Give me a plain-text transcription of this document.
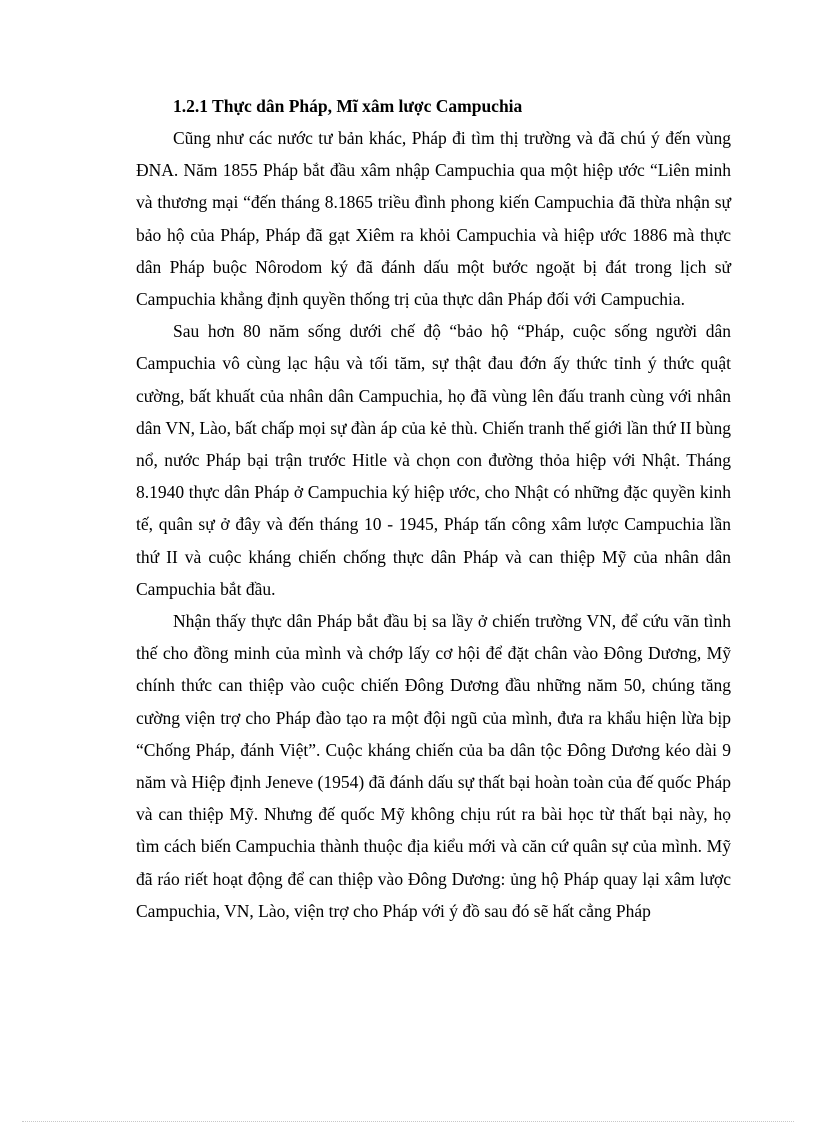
1.2.1 Thực dân Pháp, Mĩ xâm lược Campuchia

Cũng như các nước tư bản khác, Pháp đi tìm thị trường và đã chú ý đến vùng ĐNA. Năm 1855 Pháp bắt đầu xâm nhập Campuchia qua một hiệp ước “Liên minh và thương mại “đến tháng 8.1865 triều đình phong kiến Campuchia đã thừa nhận sự bảo hộ của Pháp, Pháp đã gạt Xiêm ra khỏi Campuchia và hiệp ước 1886 mà thực dân Pháp buộc Nôrodom ký đã đánh dấu một bước ngoặt bị đát trong lịch sử Campuchia khẳng định quyền thống trị của thực dân Pháp đối với Campuchia.

Sau hơn 80 năm sống dưới chế độ “bảo hộ “Pháp, cuộc sống người dân Campuchia vô cùng lạc hậu và tối tăm, sự thật đau đớn ấy thức tỉnh ý thức quật cường, bất khuất của nhân dân Campuchia, họ đã vùng lên đấu tranh cùng với nhân dân VN, Lào, bất chấp mọi sự đàn áp của kẻ thù. Chiến tranh thế giới lần thứ II bùng nổ, nước Pháp bại trận trước Hitle và chọn con đường thỏa hiệp với Nhật. Tháng 8.1940 thực dân Pháp ở Campuchia ký hiệp ước, cho Nhật có những đặc quyền kinh tế, quân sự ở đây và đến tháng 10 - 1945, Pháp tấn công xâm lược Campuchia lần thứ II và cuộc kháng chiến chống thực dân Pháp và can thiệp Mỹ của nhân dân Campuchia bắt đầu.

Nhận thấy thực dân Pháp bắt đầu bị sa lầy ở chiến trường VN, để cứu vãn tình thế cho đồng minh của mình và chớp lấy cơ hội để đặt chân vào Đông Dương, Mỹ chính thức can thiệp vào cuộc chiến Đông Dương đầu những năm 50, chúng tăng cường viện trợ cho Pháp đào tạo ra một đội ngũ của mình, đưa ra khẩu hiện lừa bịp “Chống Pháp, đánh Việt”. Cuộc kháng chiến của ba dân tộc Đông Dương kéo dài 9 năm và Hiệp định Jeneve (1954) đã đánh dấu sự thất bại hoàn toàn của đế quốc Pháp và can thiệp Mỹ. Nhưng đế quốc Mỹ không chịu rút ra bài học từ thất bại này, họ tìm cách biến Campuchia thành thuộc địa kiểu mới và căn cứ quân sự của mình. Mỹ đã ráo riết hoạt động để can thiệp vào Đông Dương: ủng hộ Pháp quay lại xâm lược Campuchia, VN, Lào, viện trợ cho Pháp với ý đồ sau đó sẽ hất cẳng Pháp
